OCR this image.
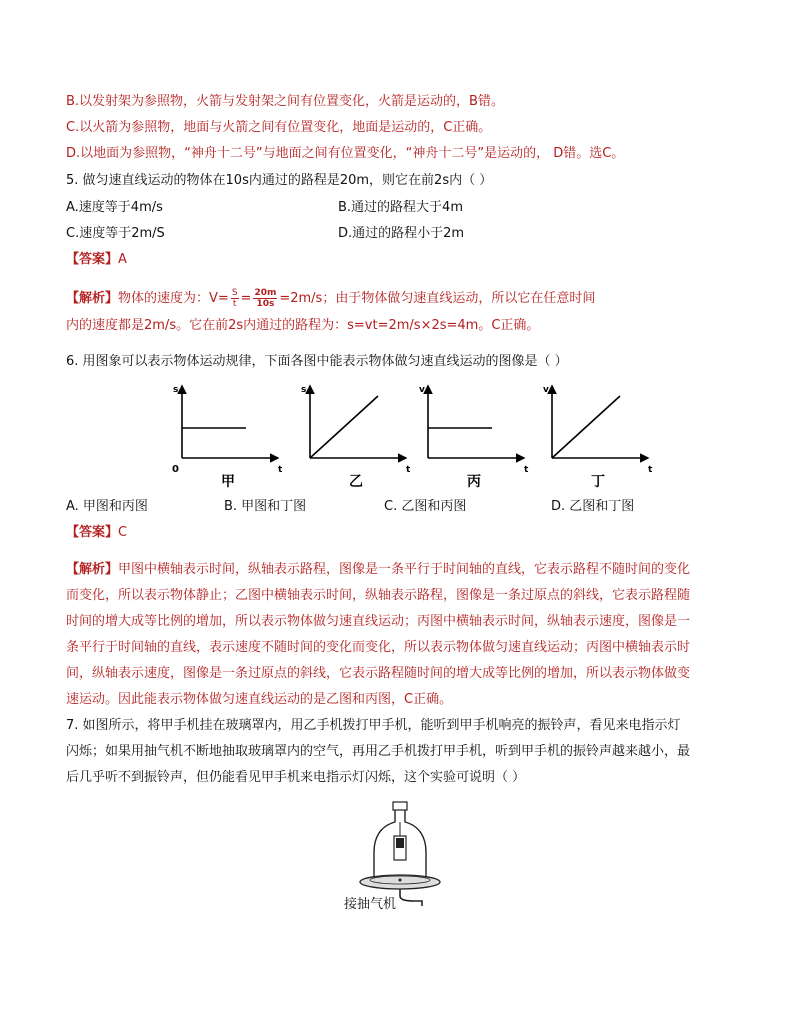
B.以发射架为参照物，火箭与发射架之间有位置变化，火箭是运动的，B错。
C.以火箭为参照物，地面与火箭之间有位置变化，地面是运动的，C正确。
D.以地面为参照物，“神舟十二号”与地面之间有位置变化，“神舟十二号”是运动的， D错。选C。
5. 做匀速直线运动的物体在10s内通过的路程是20m，则它在前2s内（ ）
A.速度等于4m/s	B.通过的路程大于4m
C.速度等于2m/S	D.通过的路程小于2m
【答案】A
【解析】物体的速度为：$V= \frac{S}{t} = \frac{20m}{10s} =2m/s$；由于物体做匀速直线运动，所以它在任意时间
内的速度都是2m/s。它在前2s内通过的路程为：s=vt=2m/s×2s=4m。C正确。
6. 用图象可以表示物体运动规律，下面各图中能表示物体做匀速直线运动的图像是（ ）
s
t
0
甲
s
t
乙
v
t
丙
v
t
丁
A. 甲图和丙图	B. 甲图和丁图	C. 乙图和丙图	D. 乙图和丁图
【答案】C
【解析】甲图中横轴表示时间，纵轴表示路程，图像是一条平行于时间轴的直线，它表示路程不随时间的变化
而变化，所以表示物体静止；乙图中横轴表示时间，纵轴表示路程，图像是一条过原点的斜线，它表示路程随
时间的增大成等比例的增加，所以表示物体做匀速直线运动；丙图中横轴表示时间，纵轴表示速度，图像是一
条平行于时间轴的直线，表示速度不随时间的变化而变化，所以表示物体做匀速直线运动；丙图中横轴表示时
间，纵轴表示速度，图像是一条过原点的斜线，它表示路程随时间的增大成等比例的增加，所以表示物体做变
速运动。因此能表示物体做匀速直线运动的是乙图和丙图，C正确。
7. 如图所示，将甲手机挂在玻璃罩内，用乙手机拨打甲手机，能听到甲手机响亮的振铃声，看见来电指示灯
闪烁；如果用抽气机不断地抽取玻璃罩内的空气，再用乙手机拨打甲手机，听到甲手机的振铃声越来越小，最
后几乎听不到振铃声，但仍能看见甲手机来电指示灯闪烁，这个实验可说明（ ）
接抽气机
